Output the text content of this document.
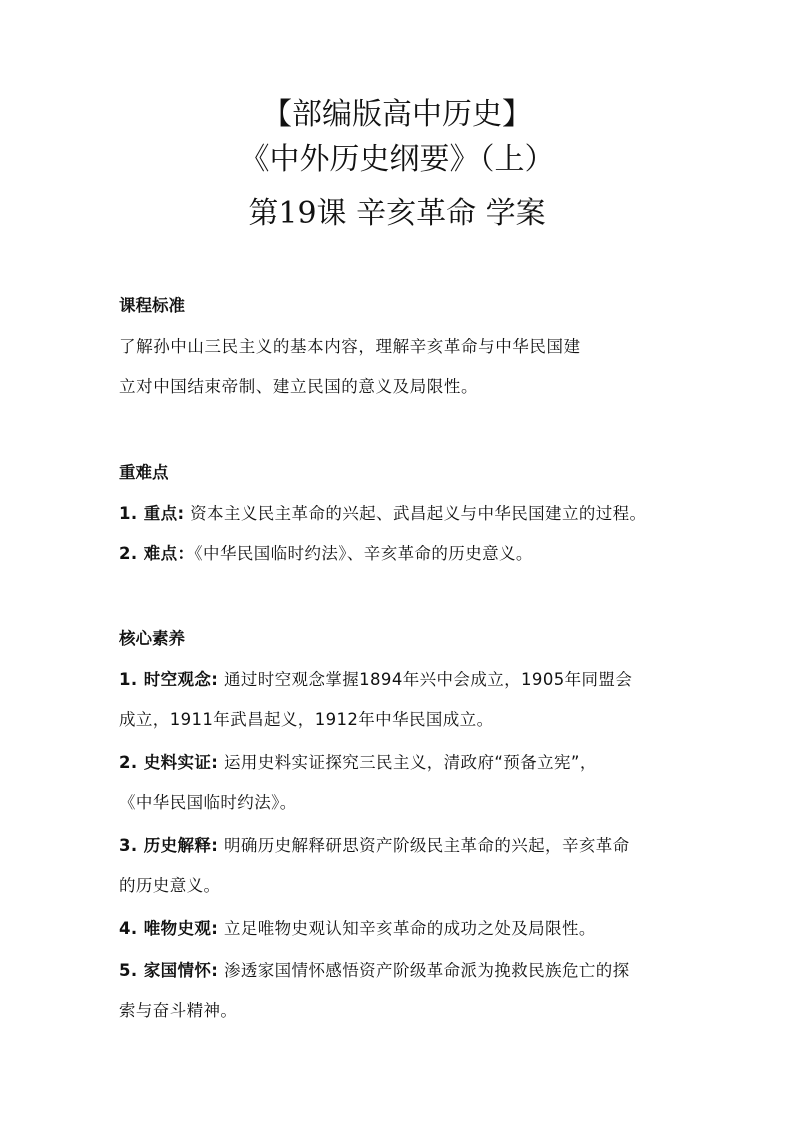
【部编版高中历史】
《中外历史纲要》（上）
第19课 辛亥革命 学案
课程标准
了解孙中山三民主义的基本内容，理解辛亥革命与中华民国建
立对中国结束帝制、建立民国的意义及局限性。
重难点
1. 重点: 资本主义民主革命的兴起、武昌起义与中华民国建立的过程。
2. 难点：《中华民国临时约法》、辛亥革命的历史意义。
核心素养
1. 时空观念: 通过时空观念掌握1894年兴中会成立，1905年同盟会
成立，1911年武昌起义，1912年中华民国成立。
2. 史料实证: 运用史料实证探究三民主义，清政府“预备立宪”，
《中华民国临时约法》。
3. 历史解释: 明确历史解释研思资产阶级民主革命的兴起，辛亥革命
的历史意义。
4. 唯物史观: 立足唯物史观认知辛亥革命的成功之处及局限性。
5. 家国情怀: 渗透家国情怀感悟资产阶级革命派为挽救民族危亡的探
索与奋斗精神。
